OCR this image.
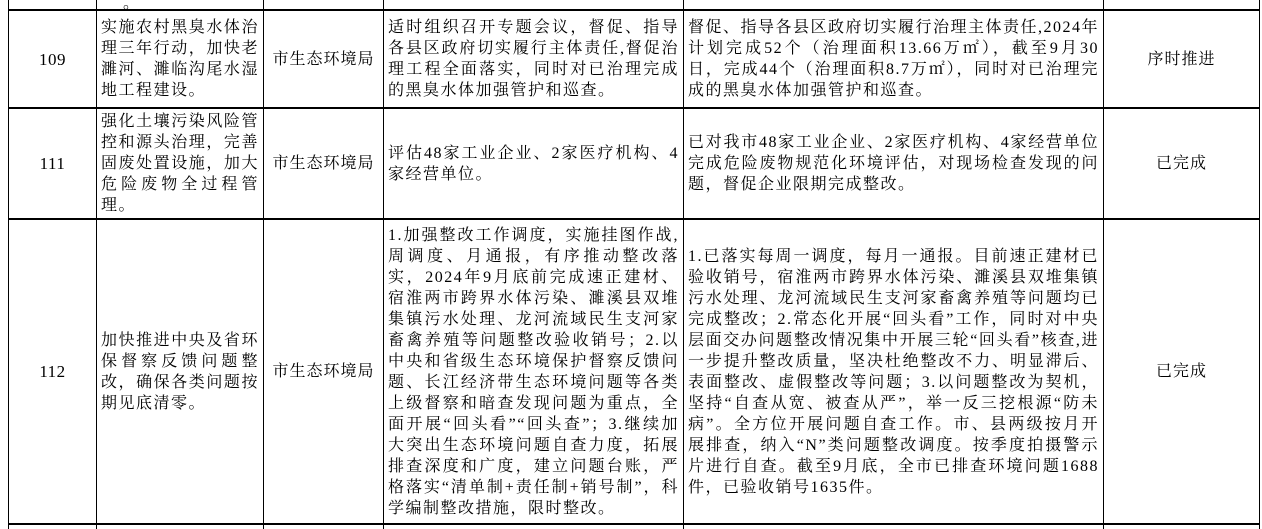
	。				

109	实施农村黑臭水体治理三年行动，加快老濉河、濉临沟尾水湿地工程建设。	市生态环境局	适时组织召开专题会议，督促、指导各县区政府切实履行主体责任,督促治理工程全面落实，同时对已治理完成的黑臭水体加强管护和巡查。	督促、指导各县区政府切实履行治理主体责任,2024年计划完成52个（治理面积13.66万㎡），截至9月30日，完成44个（治理面积8.7万㎡），同时对已治理完成的黑臭水体加强管护和巡查。	序时推进
111	强化土壤污染风险管控和源头治理，完善固废处置设施，加大危险废物全过程管理。	市生态环境局	评估48家工业企业、2家医疗机构、4家经营单位。	已对我市48家工业企业、2家医疗机构、4家经营单位完成危险废物规范化环境评估，对现场检查发现的问题，督促企业限期完成整改。	已完成
112	加快推进中央及省环保督察反馈问题整改，确保各类问题按期见底清零。	市生态环境局	1.加强整改工作调度，实施挂图作战,周调度、月通报，有序推动整改落实，2024年9月底前完成速正建材、宿淮两市跨界水体污染、濉溪县双堆集镇污水处理、龙河流域民生支河家畜禽养殖等问题整改验收销号；2.以中央和省级生态环境保护督察反馈问题、长江经济带生态环境问题等各类上级督察和暗查发现问题为重点，全面开展“回头看”“回头查”；3.继续加大突出生态环境问题自查力度，拓展排查深度和广度，建立问题台账，严格落实“清单制+责任制+销号制”，科学编制整改措施，限时整改。	1.已落实每周一调度，每月一通报。目前速正建材已验收销号，宿淮两市跨界水体污染、濉溪县双堆集镇污水处理、龙河流域民生支河家畜禽养殖等问题均已完成整改；2.常态化开展“回头看”工作，同时对中央层面交办问题整改情况集中开展三轮“回头看”核查,进一步提升整改质量，坚决杜绝整改不力、明显滞后、表面整改、虚假整改等问题；3.以问题整改为契机，坚持“自查从宽、被查从严”，举一反三挖根源“防未病”。全方位开展问题自查工作。市、县两级按月开展排查，纳入“N”类问题整改调度。按季度拍摄警示片进行自查。截至9月底，全市已排查环境问题1688件，已验收销号1635件。	已完成
